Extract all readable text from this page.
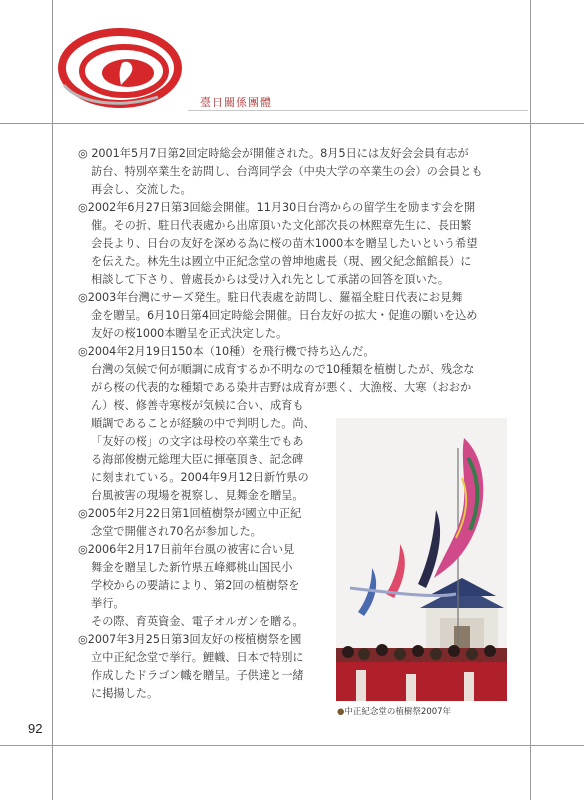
臺日關係團體
◎ 2001年5月7日第2回定時総会が開催された。8月5日には友好会会員有志が
訪台、特別卒業生を訪問し、台湾同学会（中央大学の卒業生の会）の会員とも
再会し、交流した。
◎2002年6月27日第3回総会開催。11月30日台湾からの留学生を励ます会を開
催。その折、駐日代表處から出席頂いた文化部次長の林熙章先生に、長田繁
会長より、日台の友好を深める為に桜の苗木1000本を贈呈したいという希望
を伝えた。林先生は國立中正紀念堂の曾坤地處長（現、國父紀念館館長）に
相談して下さり、曾處長からは受け入れ先として承諾の回答を頂いた。
◎2003年台灣にサーズ発生。駐日代表處を訪問し、羅福全駐日代表にお見舞
金を贈呈。6月10日第4回定時総会開催。日台友好の拡大・促進の願いを込め
友好の桜1000本贈呈を正式決定した。
◎2004年2月19日150本（10種）を飛行機で持ち込んだ。
台灣の気候で何が順調に成育するか不明なので10種類を植樹したが、残念な
がら桜の代表的な種類である染井吉野は成育が悪く、大漁桜、大寒（おおか
ん）桜、修善寺寒桜が気候に合い、成育も
順調であることが経験の中で判明した。尚、
「友好の桜」の文字は母校の卒業生でもあ
る海部俊樹元総理大臣に揮毫頂き、記念碑
に刻まれている。2004年9月12日新竹県の
台風被害の現場を視察し、見舞金を贈呈。
◎2005年2月22日第1回植樹祭が國立中正紀
念堂で開催され70名が参加した。
◎2006年2月17日前年台風の被害に合い見
舞金を贈呈した新竹県五峰郷桃山国民小
学校からの要請により、第2回の植樹祭を
挙行。
その際、育英資金、電子オルガンを贈る。
◎2007年3月25日第3回友好の桜植樹祭を國
立中正紀念堂で挙行。鯉幟、日本で特別に
作成したドラゴン幟を贈呈。子供達と一緒
に掲揚した。
●中正紀念堂の植樹祭2007年
92
